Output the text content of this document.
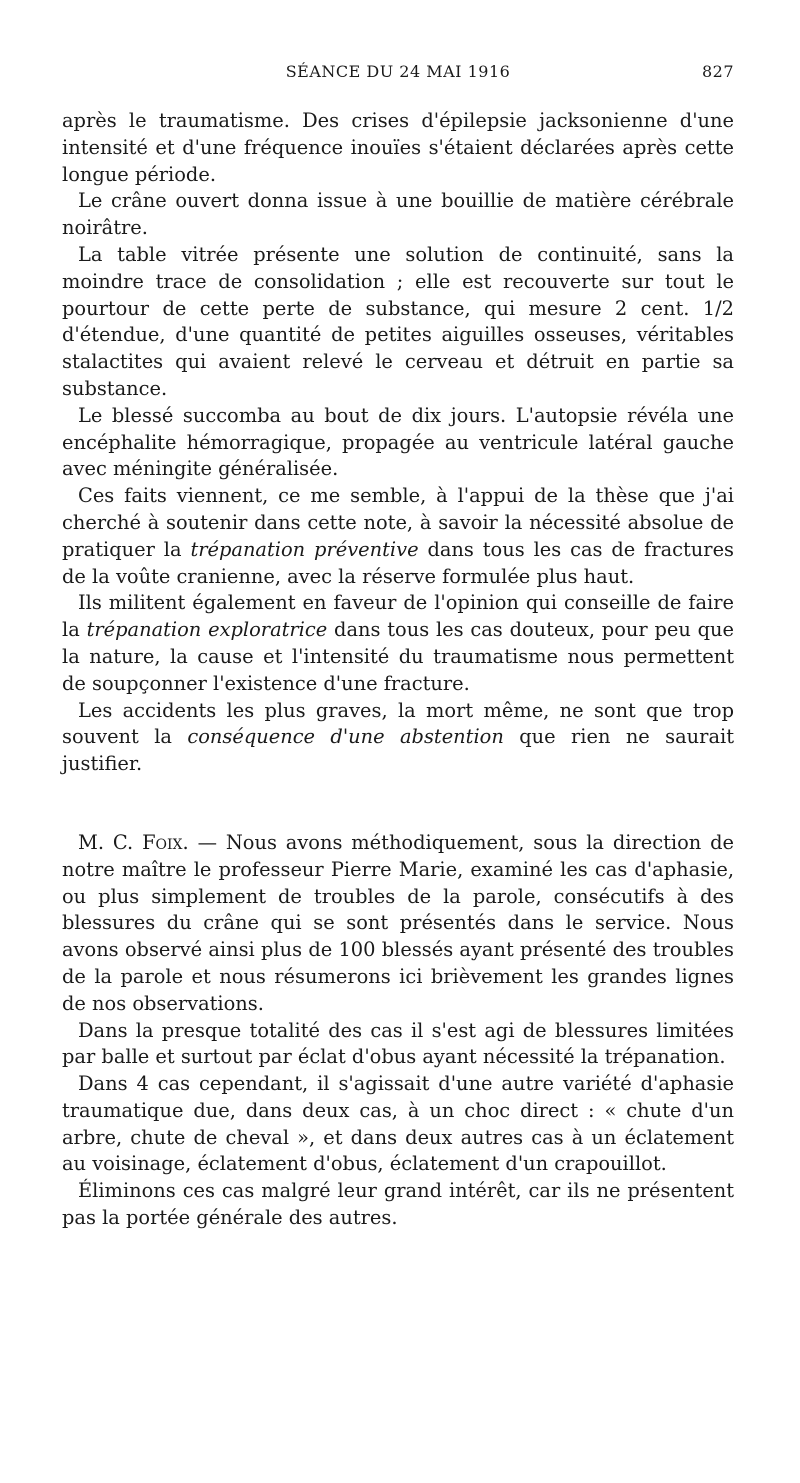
SÉANCE DU 24 MAI 1916	827

après le traumatisme. Des crises d'épilepsie jacksonienne d'une intensité et d'une fréquence inouïes s'étaient déclarées après cette longue période.

Le crâne ouvert donna issue à une bouillie de matière cérébrale noirâtre.

La table vitrée présente une solution de continuité, sans la moindre trace de consolidation ; elle est recouverte sur tout le pourtour de cette perte de substance, qui mesure 2 cent. 1/2 d'étendue, d'une quantité de petites aiguilles osseuses, véritables stalactites qui avaient relevé le cerveau et détruit en partie sa substance.

Le blessé succomba au bout de dix jours. L'autopsie révéla une encéphalite hémorragique, propagée au ventricule latéral gauche avec méningite généralisée.

Ces faits viennent, ce me semble, à l'appui de la thèse que j'ai cherché à soutenir dans cette note, à savoir la nécessité absolue de pratiquer la trépanation préventive dans tous les cas de fractures de la voûte cranienne, avec la réserve formulée plus haut.

Ils militent également en faveur de l'opinion qui conseille de faire la trépanation exploratrice dans tous les cas douteux, pour peu que la nature, la cause et l'intensité du traumatisme nous permettent de soupçonner l'existence d'une fracture.

Les accidents les plus graves, la mort même, ne sont que trop souvent la conséquence d'une abstention que rien ne saurait justifier.

M. C. Foix. — Nous avons méthodiquement, sous la direction de notre maître le professeur Pierre Marie, examiné les cas d'aphasie, ou plus simplement de troubles de la parole, consécutifs à des blessures du crâne qui se sont présentés dans le service. Nous avons observé ainsi plus de 100 blessés ayant présenté des troubles de la parole et nous résumerons ici brièvement les grandes lignes de nos observations.

Dans la presque totalité des cas il s'est agi de blessures limitées par balle et surtout par éclat d'obus ayant nécessité la trépanation.

Dans 4 cas cependant, il s'agissait d'une autre variété d'aphasie traumatique due, dans deux cas, à un choc direct : « chute d'un arbre, chute de cheval », et dans deux autres cas à un éclatement au voisinage, éclatement d'obus, éclatement d'un crapouillot.

Éliminons ces cas malgré leur grand intérêt, car ils ne présentent pas la portée générale des autres.
